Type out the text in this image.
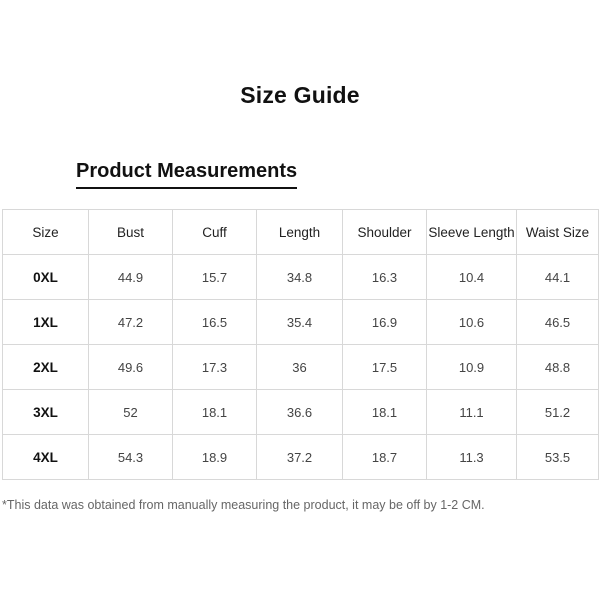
Size Guide
Product Measurements
Size	Bust	Cuff	Length	Shoulder	Sleeve Length	Waist Size
0XL	44.9	15.7	34.8	16.3	10.4	44.1
1XL	47.2	16.5	35.4	16.9	10.6	46.5
2XL	49.6	17.3	36	17.5	10.9	48.8
3XL	52	18.1	36.6	18.1	11.1	51.2
4XL	54.3	18.9	37.2	18.7	11.3	53.5
*This data was obtained from manually measuring the product, it may be off by 1-2 CM.
